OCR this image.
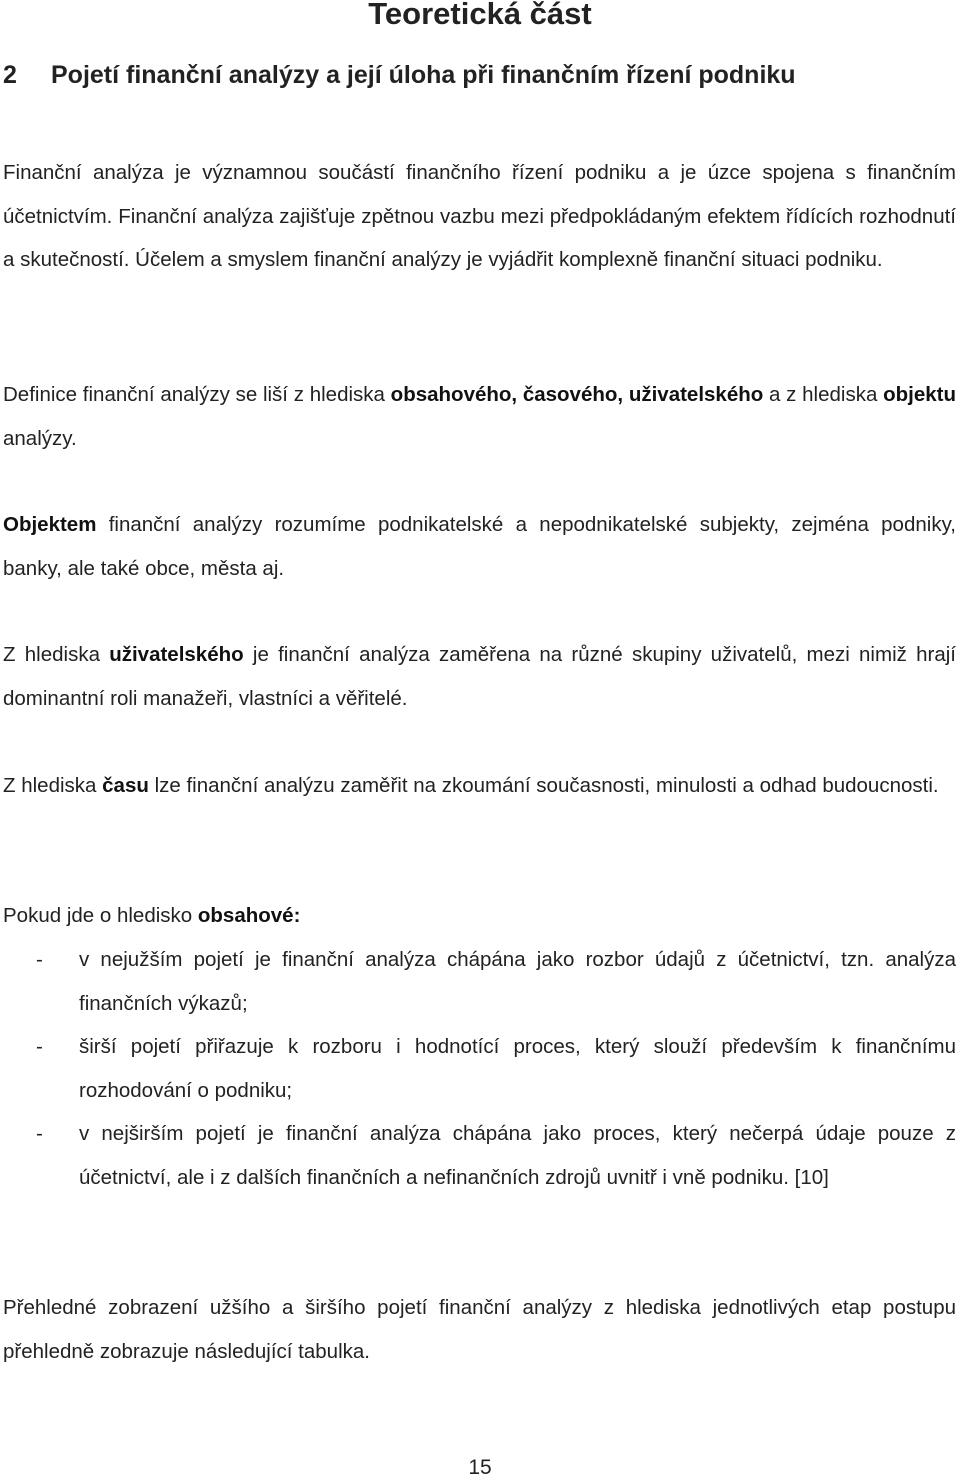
Teoretická část
2 Pojetí finanční analýzy a její úloha při finančním řízení podniku

Finanční analýza je významnou součástí finančního řízení podniku a je úzce spojena s finančním účetnictvím. Finanční analýza zajišťuje zpětnou vazbu mezi předpokládaným efektem řídících rozhodnutí a skutečností. Účelem a smyslem finanční analýzy je vyjádřit komplexně finanční situaci podniku.

Definice finanční analýzy se liší z hlediska obsahového, časového, uživatelského a z hlediska objektu analýzy.

Objektem finanční analýzy rozumíme podnikatelské a nepodnikatelské subjekty, zejména podniky, banky, ale také obce, města aj.

Z hlediska uživatelského je finanční analýza zaměřena na různé skupiny uživatelů, mezi nimiž hrají dominantní roli manažeři, vlastníci a věřitelé.

Z hlediska času lze finanční analýzu zaměřit na zkoumání současnosti, minulosti a odhad budoucnosti.

Pokud jde o hledisko obsahové:

- v nejužším pojetí je finanční analýza chápána jako rozbor údajů z účetnictví, tzn. analýza finančních výkazů;
- širší pojetí přiřazuje k rozboru i hodnotící proces, který slouží především k finančnímu rozhodování o podniku;
- v nejširším pojetí je finanční analýza chápána jako proces, který nečerpá údaje pouze z účetnictví, ale i z dalších finančních a nefinančních zdrojů uvnitř i vně podniku. [10]

Přehledné zobrazení užšího a širšího pojetí finanční analýzy z hlediska jednotlivých etap postupu přehledně zobrazuje následující tabulka.

15
